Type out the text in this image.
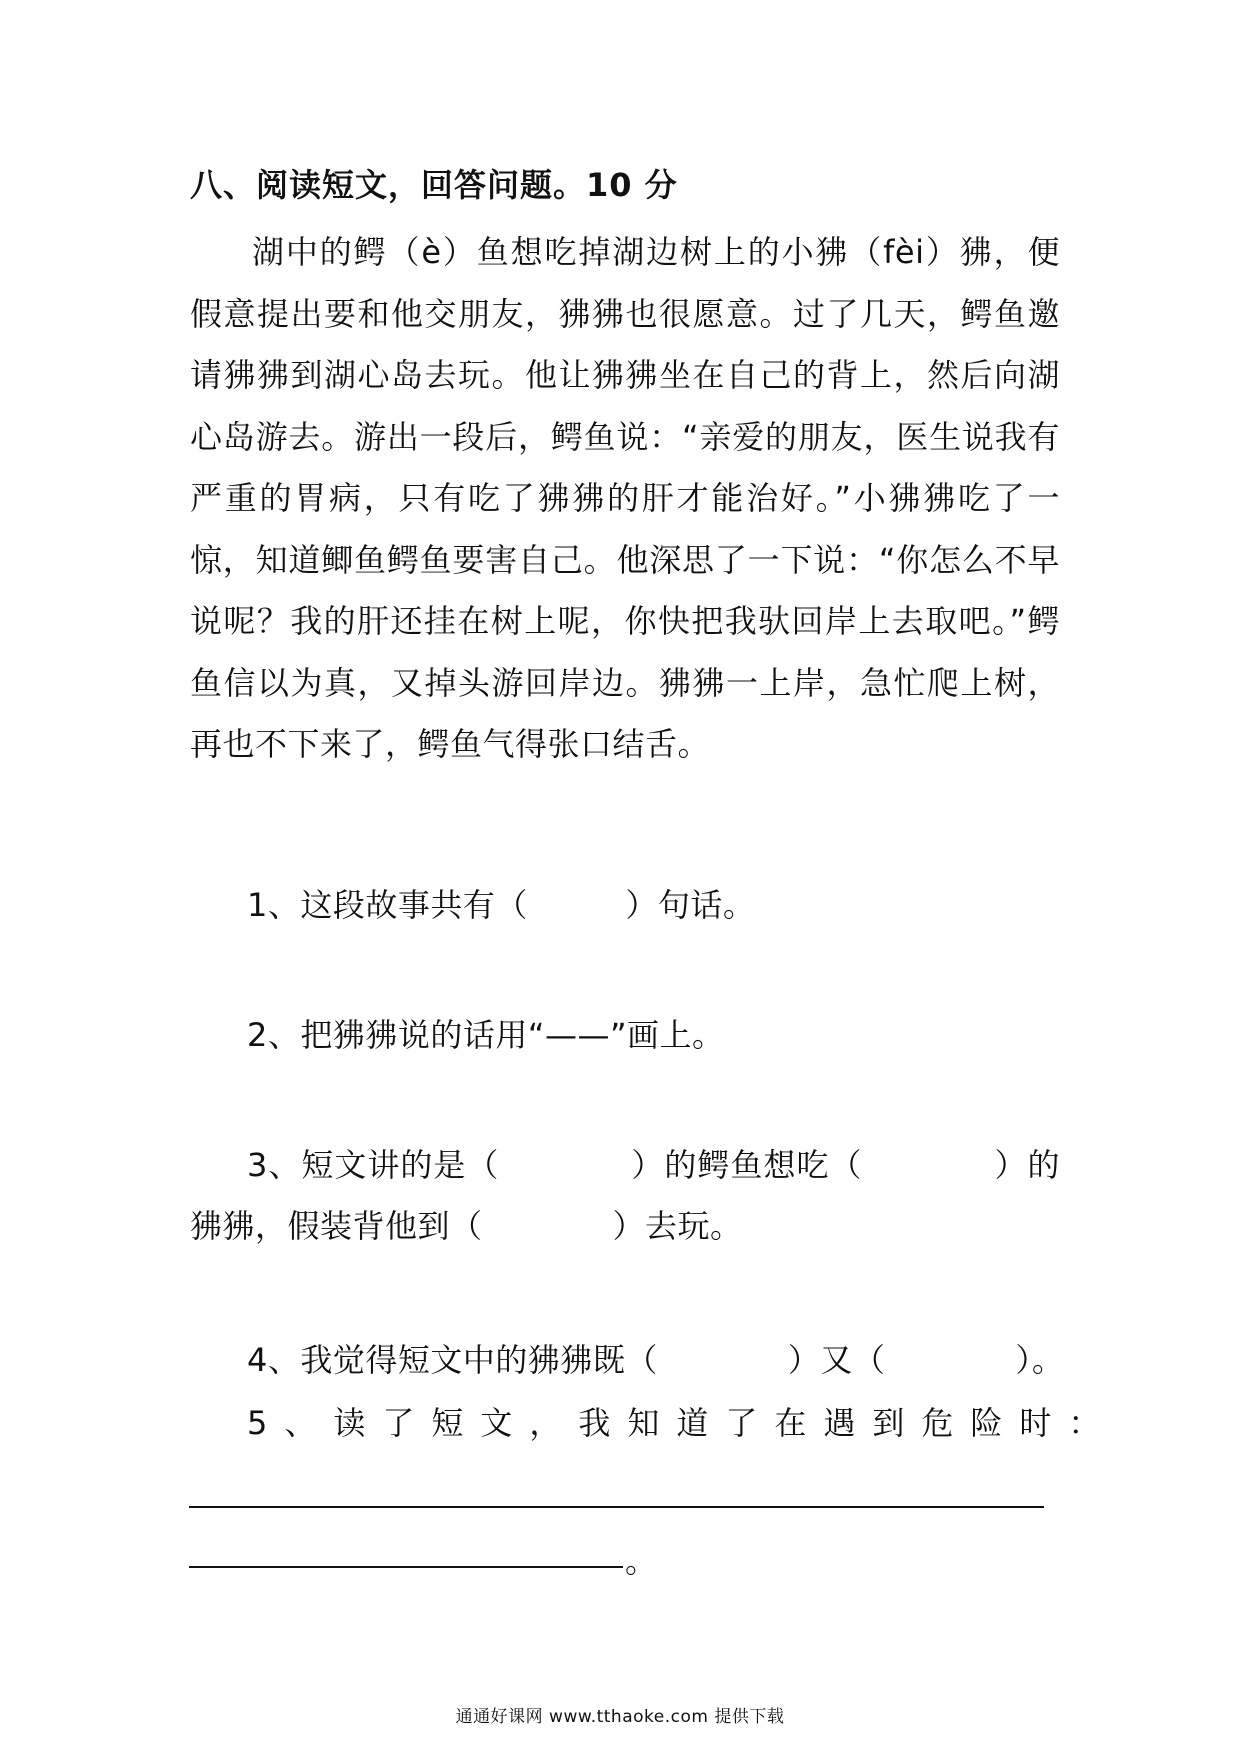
八、阅读短文，回答问题。10 分
湖中的鳄（è）鱼想吃掉湖边树上的小狒（fèi）狒，便假意提出要和他交朋友，狒狒也很愿意。过了几天，鳄鱼邀请狒狒到湖心岛去玩。他让狒狒坐在自己的背上，然后向湖心岛游去。游出一段后，鳄鱼说：“亲爱的朋友，医生说我有严重的胃病，只有吃了狒狒的肝才能治好。”小狒狒吃了一惊，知道鲫鱼鳄鱼要害自己。他深思了一下说：“你怎么不早说呢？我的肝还挂在树上呢，你快把我驮回岸上去取吧。”鳄鱼信以为真，又掉头游回岸边。狒狒一上岸，急忙爬上树，再也不下来了，鳄鱼气得张口结舌。
1、这段故事共有（　　　）句话。
2、把狒狒说的话用“——”画上。
3、短文讲的是（　　　　）的鳄鱼想吃（　　　　）的狒狒，假装背他到（　　　　）去玩。
4、我觉得短文中的狒狒既（　　　　）又（　　　　）。
5、读了短文，我知道了在遇到危险时：
。
通通好课网 www.tthaoke.com 提供下载
